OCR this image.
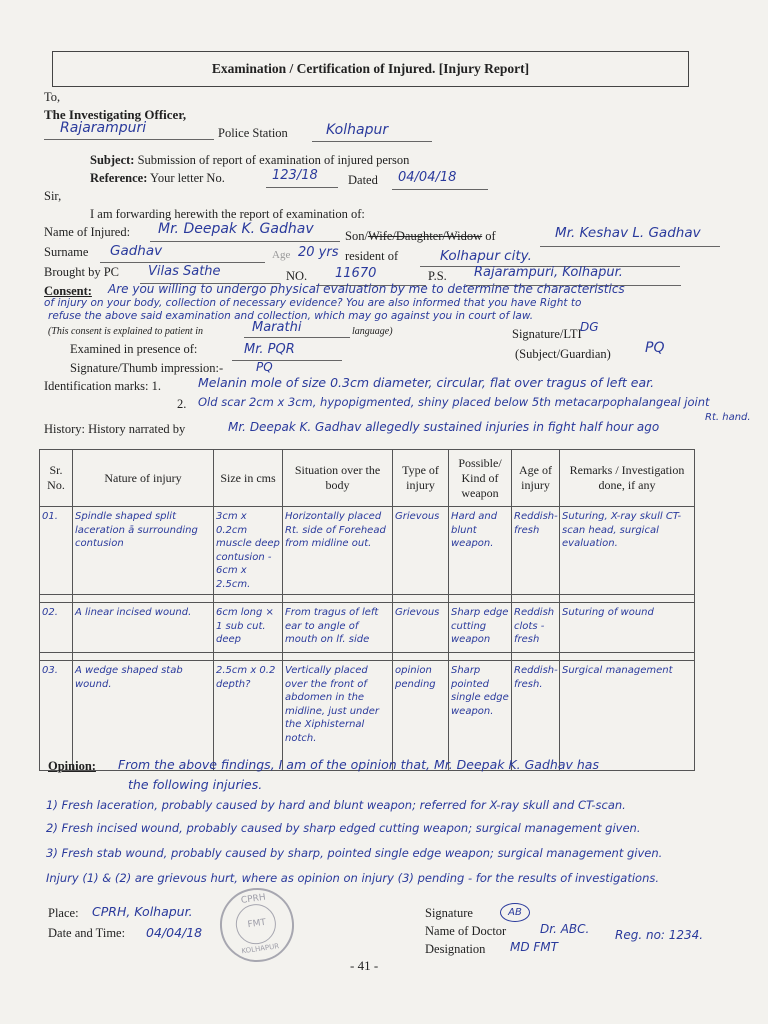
Examination / Certification of Injured. [Injury Report]
To,
The Investigating Officer,
Rajarampuri	Police Station	Kolhapur
Subject: Submission of report of examination of injured person
Reference: Your letter No.	123/18 Dated 04/04/18
Sir,
I am forwarding herewith the report of examination of:
Name of Injured: Mr. Deepak K. Gadhav	Son/Wife/Daughter/Widow of	Mr. Keshav L. Gadhav
Surname Gadhav	Age 20 yrs resident of	Kolhapur city.
Brought by PC Vilas Sathe	NO. 11670	P.S. Rajarampuri, Kolhapur.
Consent: Are you willing to undergo physical evaluation by me to determine the characteristics
of injury on your body, collection of necessary evidence? You are also informed that you have Right to
refuse the above said examination and collection, which may go against you in court of law.
(This consent is explained to patient in	Marathi	language)	Signature/LTI
DG
Examined in presence of:	Mr. PQR	(Subject/Guardian) PQ
Signature/Thumb impression:-	PQ
Identification marks: 1.	Melanin mole of size 0.3cm diameter, circular, flat over tragus of left ear.
2. Old scar 2cm x 3cm, hypopigmented, shiny placed below 5th metacarpophalangeal joint
Rt. hand.
History: History narrated by	Mr. Deepak K. Gadhav allegedly sustained injuries in fight half hour ago
Sr. No.	Nature of injury	Size in cms	Situation over the body	Type of injury	Possible/ Kind of weapon	Age of injury	Remarks / Investigation done, if any
01.	Spindle shaped split laceration ā surrounding contusion	3cm x 0.2cm muscle deep contusion - 6cm x 2.5cm.	Horizontally placed Rt. side of Forehead from midline out.	Grievous	Hard and blunt weapon.	Reddish-fresh	Suturing, X-ray skull CT-scan head, surgical evaluation.

02.	A linear incised wound.	6cm long × 1 sub cut. deep	From tragus of left ear to angle of mouth on lf. side	Grievous	Sharp edge cutting weapon	Reddish clots - fresh	Suturing of wound

03.	A wedge shaped stab wound.	2.5cm x 0.2 depth?	Vertically placed over the front of abdomen in the midline, just under the Xiphisternal notch.	opinion pending	Sharp pointed single edge weapon.	Reddish-fresh.	Surgical management
Opinion: From the above findings, I am of the opinion that, Mr. Deepak K. Gadhav has
the following injuries.
1) Fresh laceration, probably caused by hard and blunt weapon; referred for X-ray skull and CT-scan.
2) Fresh incised wound, probably caused by sharp edged cutting weapon; surgical management given.
3) Fresh stab wound, probably caused by sharp, pointed single edge weapon; surgical management given.
Injury (1) & (2) are grievous hurt, where as opinion on injury (3) pending - for the results of investigations.
Place: CPRH, Kolhapur.
Date and Time: 04/04/18
CPRH
FMT
KOLHAPUR
Signature	AB
Name of Doctor	Dr. ABC. Reg. no: 1234.
Designation MD FMT
- 41 -
